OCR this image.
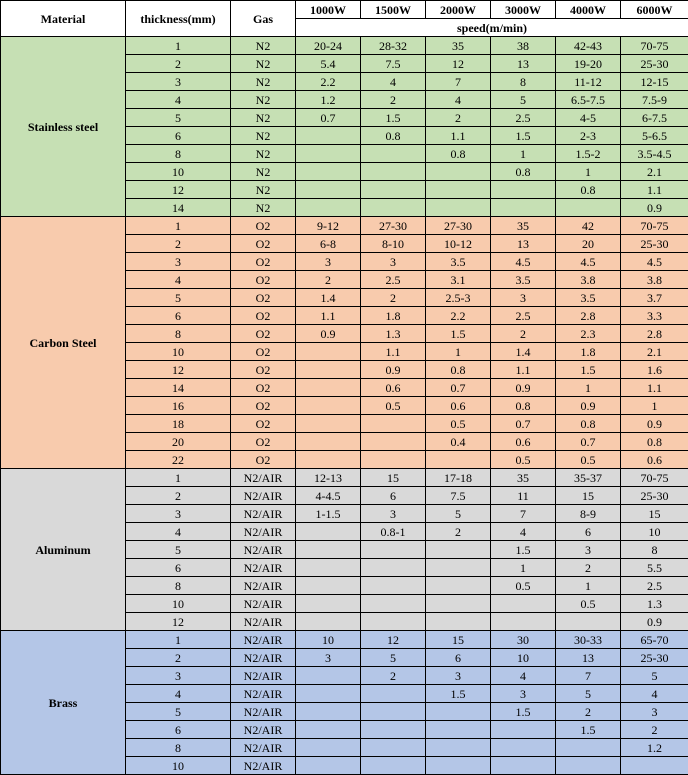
Material	thickness(mm)	Gas	1000W	1500W	2000W	3000W	4000W	6000W
			speed(m/min)					
Stainless steel	1	N2	20-24	28-32	35	38	42-43	70-75
	2	N2	5.4	7.5	12	13	19-20	25-30
	3	N2	2.2	4	7	8	11-12	12-15
	4	N2	1.2	2	4	5	6.5-7.5	7.5-9
	5	N2	0.7	1.5	2	2.5	4-5	6-7.5
	6	N2		0.8	1.1	1.5	2-3	5-6.5
	8	N2			0.8	1	1.5-2	3.5-4.5
	10	N2				0.8	1	2.1
	12	N2					0.8	1.1
	14	N2						0.9
Carbon Steel	1	O2	9-12	27-30	27-30	35	42	70-75
	2	O2	6-8	8-10	10-12	13	20	25-30
	3	O2	3	3	3.5	4.5	4.5	4.5
	4	O2	2	2.5	3.1	3.5	3.8	3.8
	5	O2	1.4	2	2.5-3	3	3.5	3.7
	6	O2	1.1	1.8	2.2	2.5	2.8	3.3
	8	O2	0.9	1.3	1.5	2	2.3	2.8
	10	O2		1.1	1	1.4	1.8	2.1
	12	O2		0.9	0.8	1.1	1.5	1.6
	14	O2		0.6	0.7	0.9	1	1.1
	16	O2		0.5	0.6	0.8	0.9	1
	18	O2			0.5	0.7	0.8	0.9
	20	O2			0.4	0.6	0.7	0.8
	22	O2				0.5	0.5	0.6
Aluminum	1	N2/AIR	12-13	15	17-18	35	35-37	70-75
	2	N2/AIR	4-4.5	6	7.5	11	15	25-30
	3	N2/AIR	1-1.5	3	5	7	8-9	15
	4	N2/AIR		0.8-1	2	4	6	10
	5	N2/AIR				1.5	3	8
	6	N2/AIR				1	2	5.5
	8	N2/AIR				0.5	1	2.5
	10	N2/AIR					0.5	1.3
	12	N2/AIR						0.9
Brass	1	N2/AIR	10	12	15	30	30-33	65-70
	2	N2/AIR	3	5	6	10	13	25-30
	3	N2/AIR		2	3	4	7	5
	4	N2/AIR			1.5	3	5	4
	5	N2/AIR				1.5	2	3
	6	N2/AIR					1.5	2
	8	N2/AIR						1.2
	10	N2/AIR						
